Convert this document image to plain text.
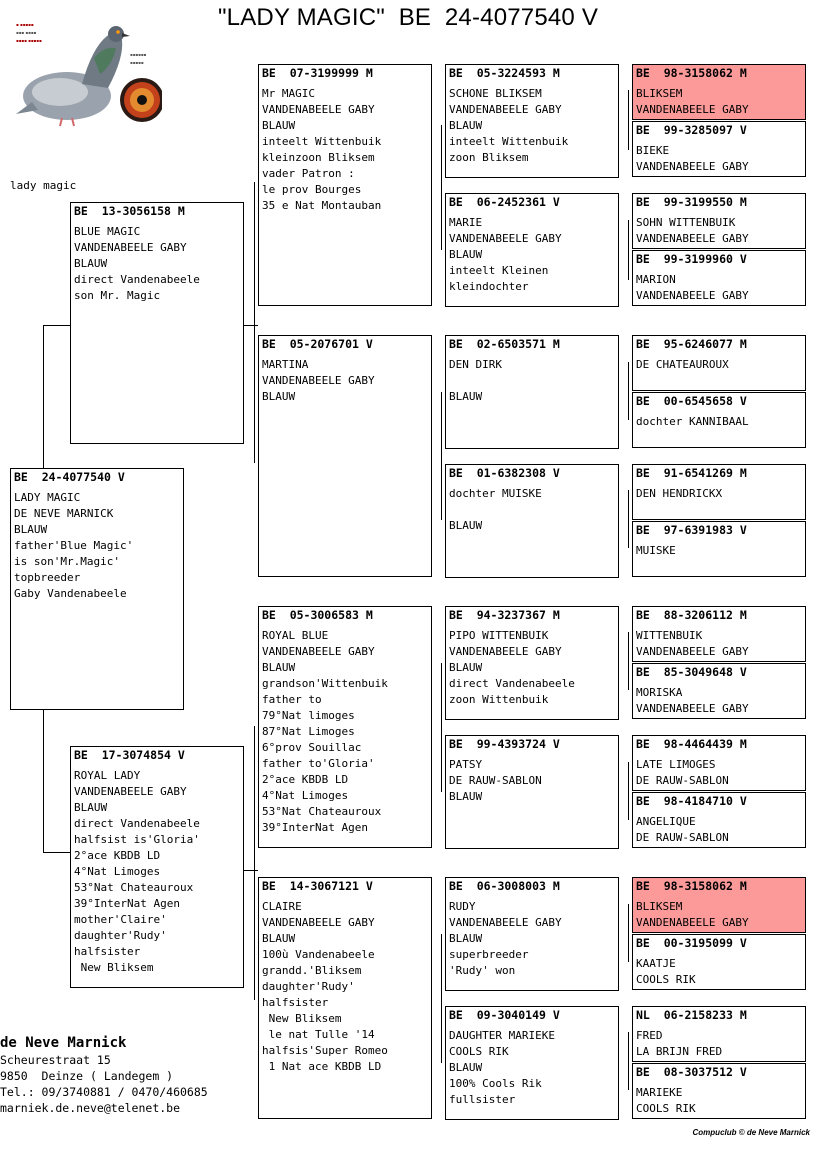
"LADY MAGIC"  BE  24-4077540 V
▪ ▪▪▪▪▪
▪▪▪ ▪▪▪▪
▪▪▪▪ ▪▪▪▪▪
▪▪▪▪▪▪
▪▪▪▪▪
lady magic
BE  24-4077540 V
LADY MAGIC
DE NEVE MARNICK
BLAUW
father'Blue Magic'
is son'Mr.Magic'
topbreeder
Gaby Vandenabeele
BE  13-3056158 M
BLUE MAGIC
VANDENABEELE GABY
BLAUW
direct Vandenabeele
son Mr. Magic
BE  17-3074854 V
ROYAL LADY
VANDENABEELE GABY
BLAUW
direct Vandenabeele
halfsist is'Gloria'
2°ace KBDB LD
4°Nat Limoges
53°Nat Chateauroux
39°InterNat Agen
mother'Claire'
daughter'Rudy'
halfsister
New Bliksem
BE  07-3199999 M
Mr MAGIC
VANDENABEELE GABY
BLAUW
inteelt Wittenbuik
kleinzoon Bliksem
vader Patron :
le prov Bourges
35 e Nat Montauban
BE  05-2076701 V
MARTINA
VANDENABEELE GABY
BLAUW
BE  05-3006583 M
ROYAL BLUE
VANDENABEELE GABY
BLAUW
grandson'Wittenbuik
father to
79°Nat limoges
87°Nat Limoges
6°prov Souillac
father to'Gloria'
2°ace KBDB LD
4°Nat Limoges
53°Nat Chateauroux
39°InterNat Agen
BE  14-3067121 V
CLAIRE
VANDENABEELE GABY
BLAUW
100ù Vandenabeele
grandd.'Bliksem
daughter'Rudy'
halfsister
New Bliksem
le nat Tulle '14
halfsis'Super Romeo
1 Nat ace KBDB LD
BE  05-3224593 M
SCHONE BLIKSEM
VANDENABEELE GABY
BLAUW
inteelt Wittenbuik
zoon Bliksem
BE  06-2452361 V
MARIE
VANDENABEELE GABY
BLAUW
inteelt Kleinen
kleindochter
BE  02-6503571 M
DEN DIRK

BLAUW
BE  01-6382308 V
dochter MUISKE

BLAUW
BE  94-3237367 M
PIPO WITTENBUIK
VANDENABEELE GABY
BLAUW
direct Vandenabeele
zoon Wittenbuik
BE  99-4393724 V
PATSY
DE RAUW-SABLON
BLAUW
BE  06-3008003 M
RUDY
VANDENABEELE GABY
BLAUW
superbreeder
'Rudy' won
BE  09-3040149 V
DAUGHTER MARIEKE
COOLS RIK
BLAUW
100% Cools Rik
fullsister
BE  98-3158062 M
BLIKSEM
VANDENABEELE GABY
BE  99-3285097 V
BIEKE
VANDENABEELE GABY
BE  99-3199550 M
SOHN WITTENBUIK
VANDENABEELE GABY
BE  99-3199960 V
MARION
VANDENABEELE GABY
BE  95-6246077 M
DE CHATEAUROUX
BE  00-6545658 V
dochter KANNIBAAL
BE  91-6541269 M
DEN HENDRICKX
BE  97-6391983 V
MUISKE
BE  88-3206112 M
WITTENBUIK
VANDENABEELE GABY
BE  85-3049648 V
MORISKA
VANDENABEELE GABY
BE  98-4464439 M
LATE LIMOGES
DE RAUW-SABLON
BE  98-4184710 V
ANGELIQUE
DE RAUW-SABLON
BE  98-3158062 M
BLIKSEM
VANDENABEELE GABY
BE  00-3195099 V
KAATJE
COOLS RIK
NL  06-2158233 M
FRED
LA BRIJN FRED
BE  08-3037512 V
MARIEKE
COOLS RIK
de Neve Marnick
Scheurestraat 15
9850  Deinze ( Landegem )
Tel.: 09/3740881 / 0470/460685
marniek.de.neve@telenet.be
Compuclub © de Neve Marnick
